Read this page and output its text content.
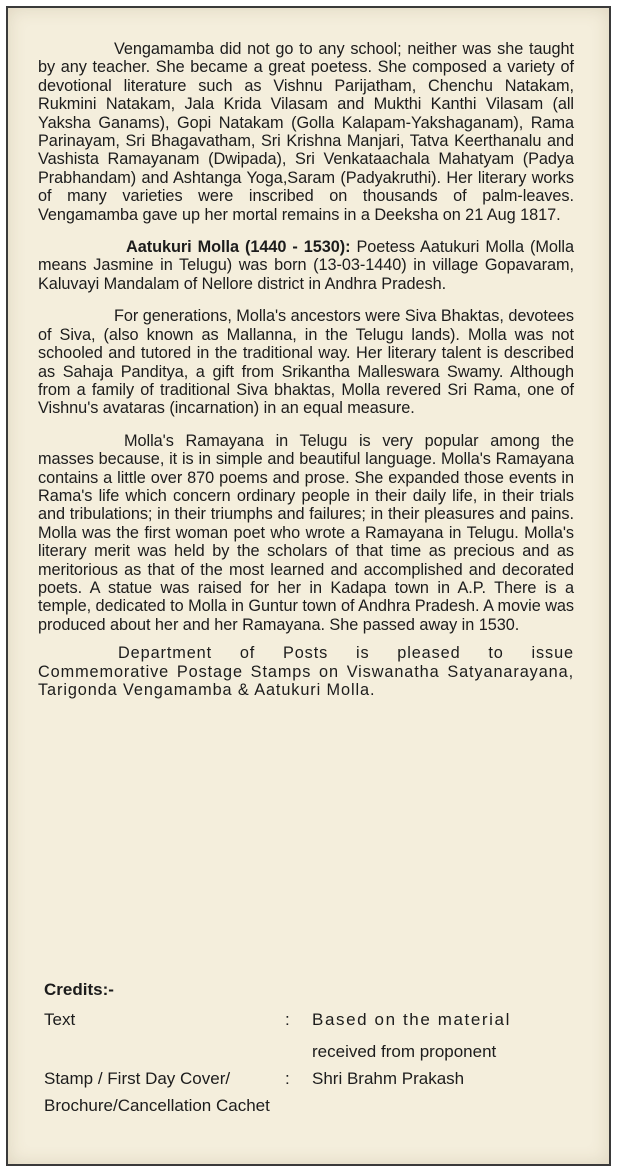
Vengamamba did not go to any school; neither was she taught by any teacher. She became a great poetess. She composed a variety of devotional literature such as Vishnu Parijatham, Chenchu Natakam, Rukmini Natakam, Jala Krida Vilasam and Mukthi Kanthi Vilasam (all Yaksha Ganams), Gopi Natakam (Golla Kalapam-Yakshaganam), Rama Parinayam, Sri Bhagavatham, Sri Krishna Manjari, Tatva Keerthanalu and Vashista Ramayanam (Dwipada), Sri Venkataachala Mahatyam (Padya Prabhandam) and Ashtanga Yoga,Saram (Padyakruthi). Her literary works of many varieties were inscribed on thousands of palm-leaves. Vengamamba gave up her mortal remains in a Deeksha on 21 Aug 1817.

Aatukuri Molla (1440 - 1530): Poetess Aatukuri Molla (Molla means Jasmine in Telugu) was born (13-03-1440) in village Gopavaram, Kaluvayi Mandalam of Nellore district in Andhra Pradesh.

For generations, Molla's ancestors were Siva Bhaktas, devotees of Siva, (also known as Mallanna, in the Telugu lands). Molla was not schooled and tutored in the traditional way. Her literary talent is described as Sahaja Panditya, a gift from Srikantha Malleswara Swamy. Although from a family of traditional Siva bhaktas, Molla revered Sri Rama, one of Vishnu's avataras (incarnation) in an equal measure.

Molla's Ramayana in Telugu is very popular among the masses because, it is in simple and beautiful language. Molla's Ramayana contains a little over 870 poems and prose. She expanded those events in Rama's life which concern ordinary people in their daily life, in their trials and tribulations; in their triumphs and failures; in their pleasures and pains. Molla was the first woman poet who wrote a Ramayana in Telugu. Molla's literary merit was held by the scholars of that time as precious and as meritorious as that of the most learned and accomplished and decorated poets. A statue was raised for her in Kadapa town in A.P. There is a temple, dedicated to Molla in Guntur town of Andhra Pradesh. A movie was produced about her and her Ramayana. She passed away in 1530.

Department of Posts is pleased to issue Commemorative Postage Stamps on Viswanatha Satyanarayana, Tarigonda Vengamamba & Aatukuri Molla.

Credits:-
Text	: Based on the material
received from proponent
Stamp / First Day Cover/	: Shri Brahm Prakash
Brochure/Cancellation Cachet
